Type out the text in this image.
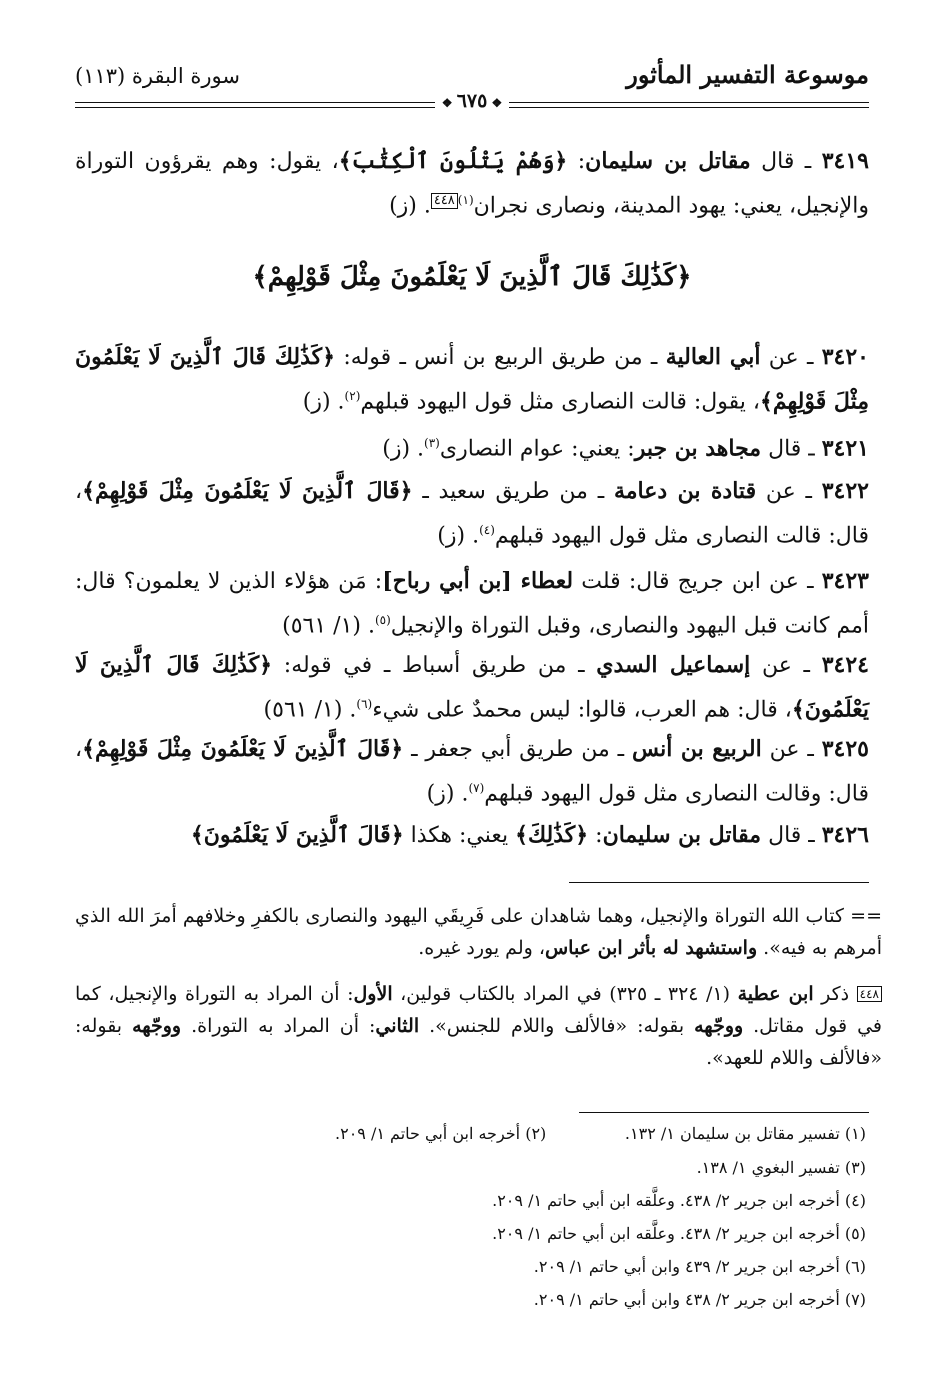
موسوعة التفسير المأثور
سورة البقرة (١١٣)
❖ ٦٧٥ ❖
٣٤١٩ ـ قال مقاتل بن سليمان: ﴿وَهُمْ يَتْلُونَ ٱلْكِتَٰبَ﴾، يقول: وهم يقرؤون التوراة والإنجيل، يعني: يهود المدينة، ونصارى نجران$^{(١)}$٤٤٨. (ز)
﴿كَذَٰلِكَ قَالَ ٱلَّذِينَ لَا يَعْلَمُونَ مِثْلَ قَوْلِهِمْ﴾
٣٤٢٠ ـ عن أبي العالية ـ من طريق الربيع بن أنس ـ قوله: ﴿كَذَٰلِكَ قَالَ ٱلَّذِينَ لَا يَعْلَمُونَ مِثْلَ قَوْلِهِمْ﴾، يقول: قالت النصارى مثل قول اليهود قبلهم$^{(٢)}$. (ز)
٣٤٢١ ـ قال مجاهد بن جبر: يعني: عوام النصارى$^{(٣)}$. (ز)
٣٤٢٢ ـ عن قتادة بن دعامة ـ من طريق سعيد ـ ﴿قَالَ ٱلَّذِينَ لَا يَعْلَمُونَ مِثْلَ قَوْلِهِمْ﴾، قال: قالت النصارى مثل قول اليهود قبلهم$^{(٤)}$. (ز)
٣٤٢٣ ـ عن ابن جريج قال: قلت لعطاء [بن أبي رباح]: مَن هؤلاء الذين لا يعلمون؟ قال: أمم كانت قبل اليهود والنصارى، وقبل التوراة والإنجيل$^{(٥)}$. (١/ ٥٦١)
٣٤٢٤ ـ عن إسماعيل السدي ـ من طريق أسباط ـ في قوله: ﴿كَذَٰلِكَ قَالَ ٱلَّذِينَ لَا يَعْلَمُونَ﴾، قال: هم العرب، قالوا: ليس محمدٌ على شيء$^{(٦)}$. (١/ ٥٦١)
٣٤٢٥ ـ عن الربيع بن أنس ـ من طريق أبي جعفر ـ ﴿قَالَ ٱلَّذِينَ لَا يَعْلَمُونَ مِثْلَ قَوْلِهِمْ﴾، قال: وقالت النصارى مثل قول اليهود قبلهم$^{(٧)}$. (ز)
٣٤٢٦ ـ قال مقاتل بن سليمان: ﴿كَذَٰلِكَ﴾ يعني: هكذا ﴿قَالَ ٱلَّذِينَ لَا يَعْلَمُونَ﴾
== كتاب الله التوراة والإنجيل، وهما شاهدان على فَرِيقَي اليهود والنصارى بالكفرِ وخلافهم أمرَ الله الذي أمرهم به فيه». واستشهد له بأثر ابن عباس، ولم يورد غيره.
٤٤٨ ذكر ابن عطية (١/ ٣٢٤ ـ ٣٢٥) في المراد بالكتاب قولين، الأول: أن المراد به التوراة والإنجيل، كما في قول مقاتل. ووجّهه بقوله: «فالألف واللام للجنس». الثاني: أن المراد به التوراة. ووجّهه بقوله: «فالألف واللام للعهد».
(١) تفسير مقاتل بن سليمان ١/ ١٣٢.
(٢) أخرجه ابن أبي حاتم ١/ ٢٠٩.
(٣) تفسير البغوي ١/ ١٣٨.
(٤) أخرجه ابن جرير ٢/ ٤٣٨. وعلَّقه ابن أبي حاتم ١/ ٢٠٩.
(٥) أخرجه ابن جرير ٢/ ٤٣٨. وعلَّقه ابن أبي حاتم ١/ ٢٠٩.
(٦) أخرجه ابن جرير ٢/ ٤٣٩ وابن أبي حاتم ١/ ٢٠٩.
(٧) أخرجه ابن جرير ٢/ ٤٣٨ وابن أبي حاتم ١/ ٢٠٩.
